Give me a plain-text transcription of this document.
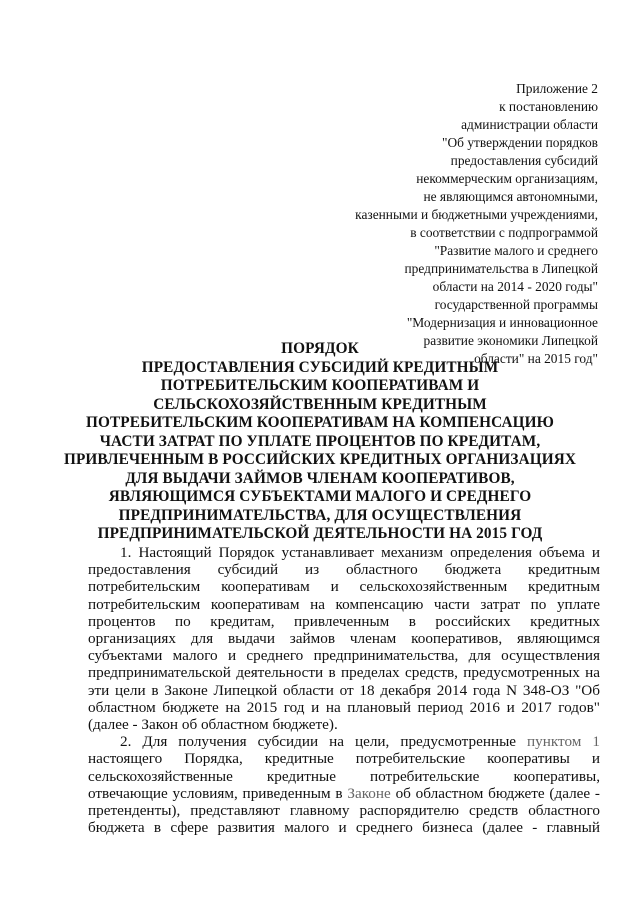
Приложение 2
к постановлению
администрации области
"Об утверждении порядков
предоставления субсидий
некоммерческим организациям,
не являющимся автономными,
казенными и бюджетными учреждениями,
в соответствии с подпрограммой
"Развитие малого и среднего
предпринимательства в Липецкой
области на 2014 - 2020 годы"
государственной программы
"Модернизация и инновационное
развитие экономики Липецкой
области" на 2015 год"
ПОРЯДОК
ПРЕДОСТАВЛЕНИЯ СУБСИДИЙ КРЕДИТНЫМ
ПОТРЕБИТЕЛЬСКИМ КООПЕРАТИВАМ И
СЕЛЬСКОХОЗЯЙСТВЕННЫМ КРЕДИТНЫМ
ПОТРЕБИТЕЛЬСКИМ КООПЕРАТИВАМ НА КОМПЕНСАЦИЮ
ЧАСТИ ЗАТРАТ ПО УПЛАТЕ ПРОЦЕНТОВ ПО КРЕДИТАМ,
ПРИВЛЕЧЕННЫМ В РОССИЙСКИХ КРЕДИТНЫХ ОРГАНИЗАЦИЯХ
ДЛЯ ВЫДАЧИ ЗАЙМОВ ЧЛЕНАМ КООПЕРАТИВОВ,
ЯВЛЯЮЩИМСЯ СУБЪЕКТАМИ МАЛОГО И СРЕДНЕГО
ПРЕДПРИНИМАТЕЛЬСТВА, ДЛЯ ОСУЩЕСТВЛЕНИЯ
ПРЕДПРИНИМАТЕЛЬСКОЙ ДЕЯТЕЛЬНОСТИ НА 2015 ГОД
1. Настоящий Порядок устанавливает механизм определения объема и
предоставления субсидий из областного бюджета кредитным
потребительским кооперативам и сельскохозяйственным кредитным
потребительским кооперативам на компенсацию части затрат по уплате
процентов по кредитам, привлеченным в российских кредитных
организациях для выдачи займов членам кооперативов, являющимся
субъектами малого и среднего предпринимательства, для осуществления
предпринимательской деятельности в пределах средств, предусмотренных на
эти цели в Законе Липецкой области от 18 декабря 2014 года N 348-ОЗ "Об
областном бюджете на 2015 год и на плановый период 2016 и 2017 годов"
(далее - Закон об областном бюджете).
2. Для получения субсидии на цели, предусмотренные пунктом 1
настоящего Порядка, кредитные потребительские кооперативы и
сельскохозяйственные кредитные потребительские кооперативы,
отвечающие условиям, приведенным в Законе об областном бюджете (далее -
претенденты), представляют главному распорядителю средств областного
бюджета в сфере развития малого и среднего бизнеса (далее - главный
